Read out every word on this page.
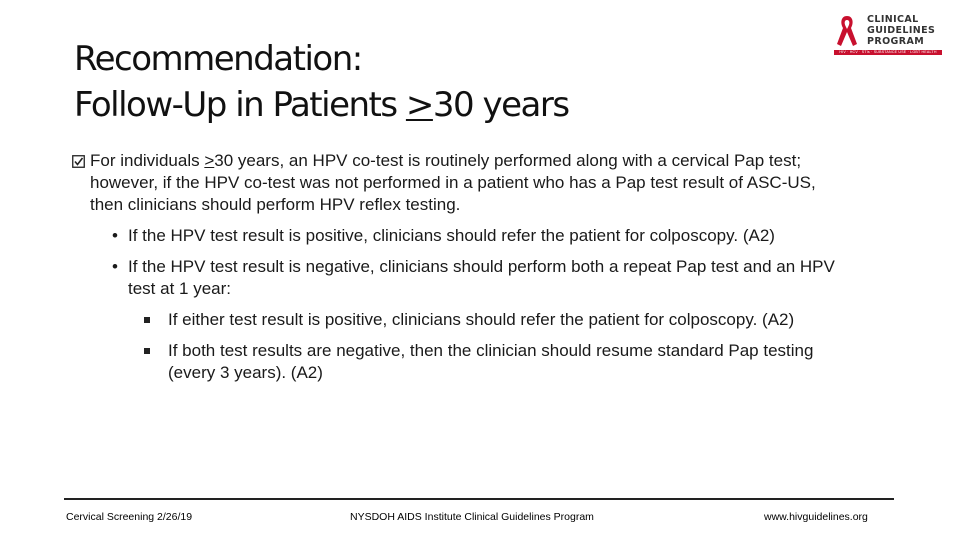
Recommendation:
Follow-Up in Patients >30 years
CLINICAL
GUIDELINES
PROGRAM
HIV · HCV · STIs · SUBSTANCE USE · LGBT HEALTH

For individuals >30 years, an HPV co-test is routinely performed along with a cervical Pap test; however, if the HPV co-test was not performed in a patient who has a Pap test result of ASC-US, then clinicians should perform HPV reflex testing.

• If the HPV test result is positive, clinicians should refer the patient for colposcopy. (A2)

• If the HPV test result is negative, clinicians should perform both a repeat Pap test and an HPV test at 1 year:

If either test result is positive, clinicians should refer the patient for colposcopy. (A2)

If both test results are negative, then the clinician should resume standard Pap testing (every 3 years). (A2)

Cervical Screening 2/26/19	NYSDOH AIDS Institute Clinical Guidelines Program	www.hivguidelines.org
